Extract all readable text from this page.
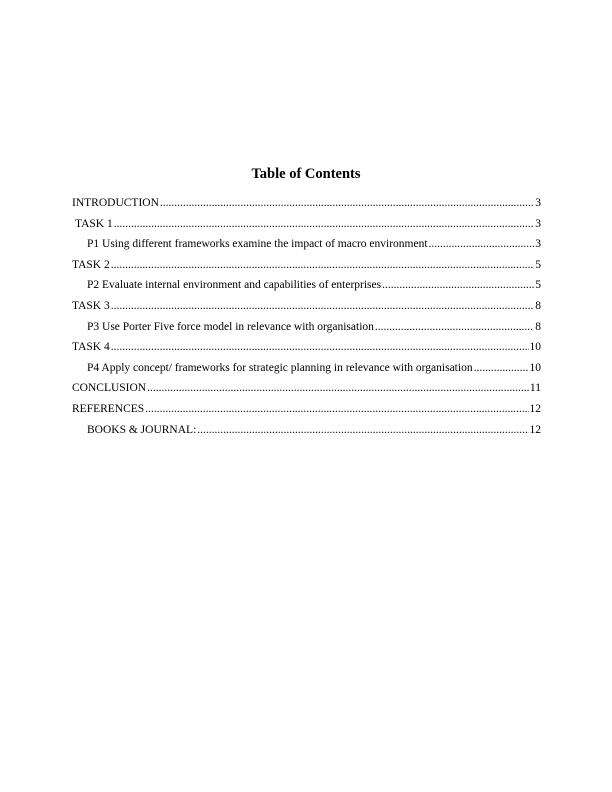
Table of Contents
INTRODUCTION .....	3
TASK 1 .....	3
P1 Using different frameworks examine the impact of macro environment .....	3
TASK 2 .....	5
P2 Evaluate internal environment and capabilities of enterprises .....	5
TASK 3 .....	8
P3 Use Porter Five force model in relevance with organisation .....	8
TASK 4 .....	10
P4 Apply concept/ frameworks for strategic planning in relevance with organisation .....	10
CONCLUSION .....	11
REFERENCES .....	12
BOOKS & JOURNAL: .....	12
